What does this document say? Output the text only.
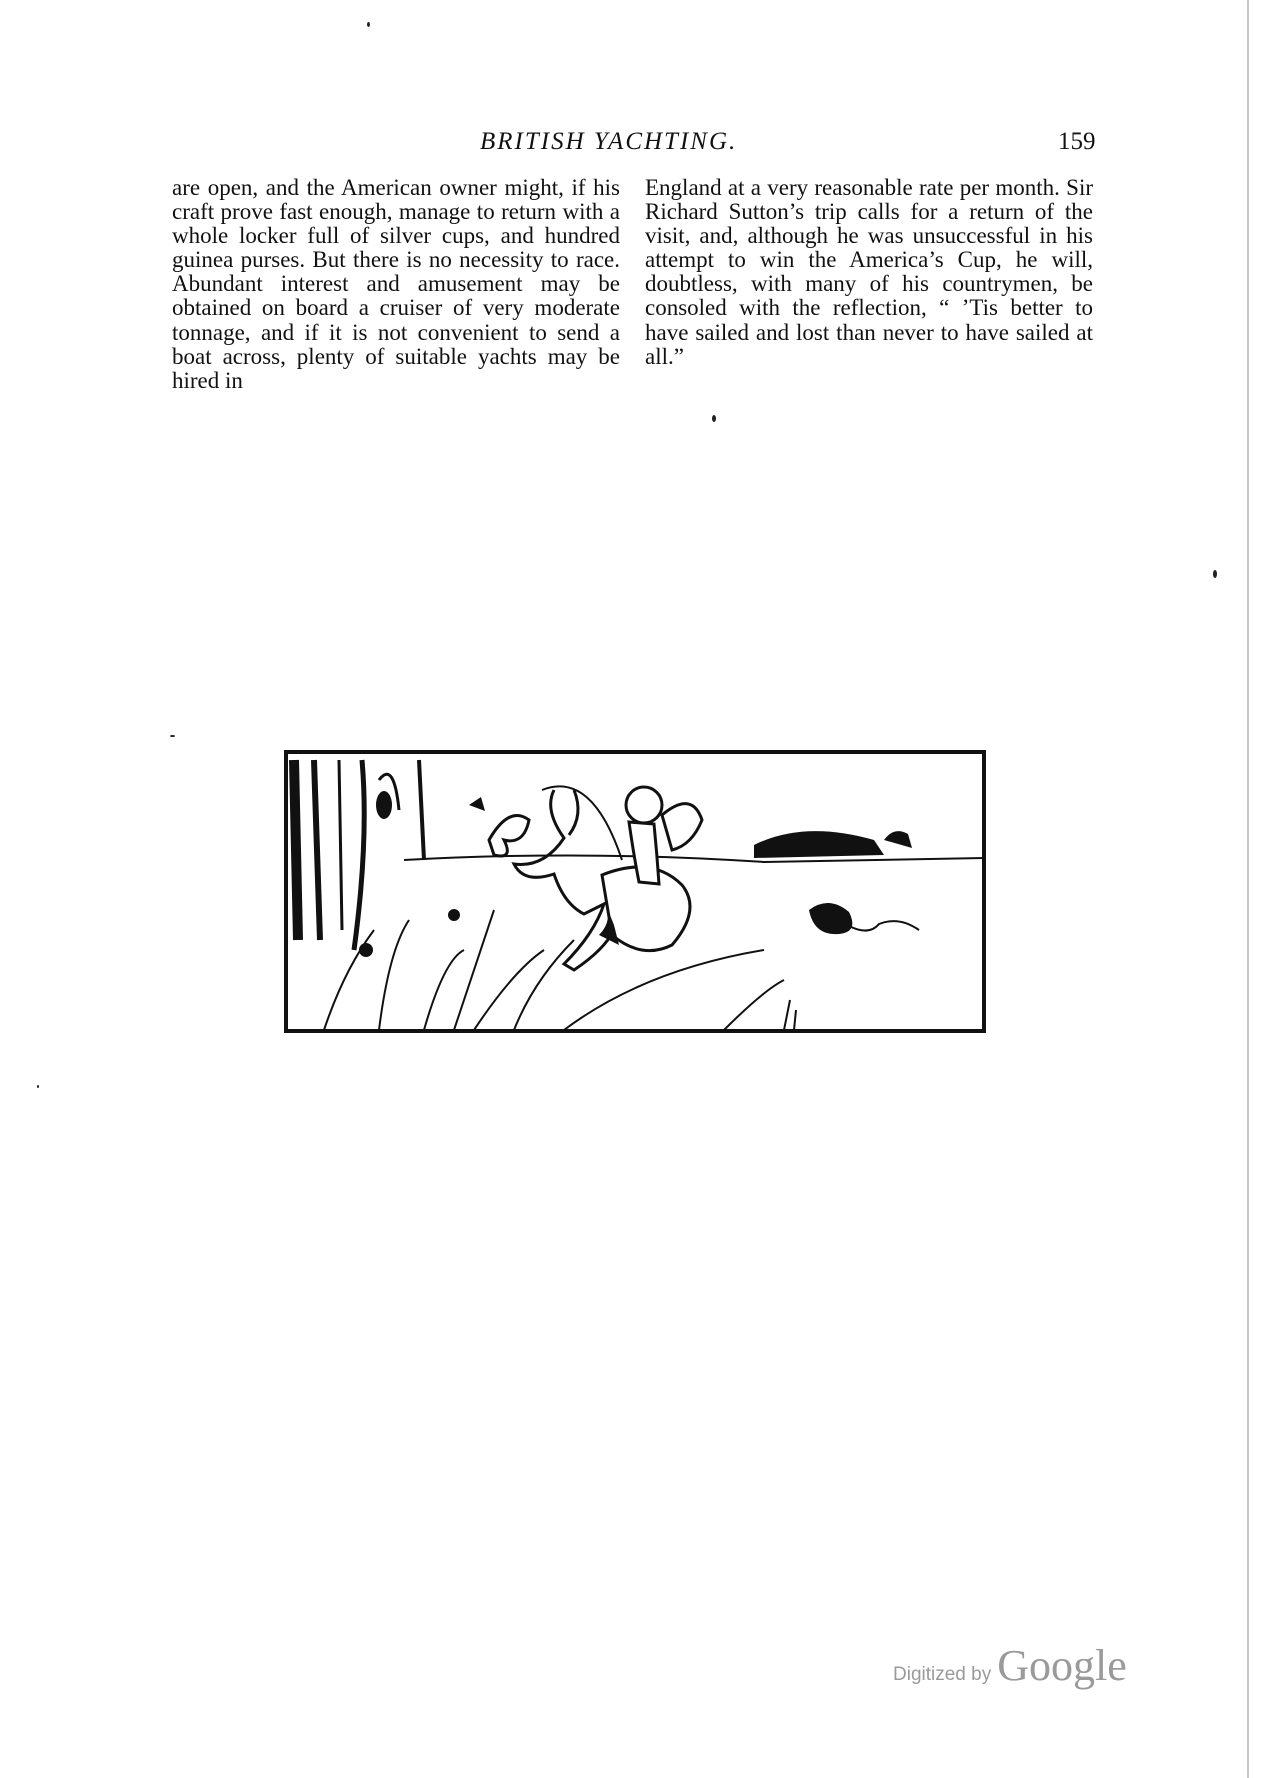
BRITISH YACHTING.	159

are open, and the American owner might, if his craft prove fast enough, manage to return with a whole locker full of silver cups, and hundred guinea purses. But there is no necessity to race. Abundant interest and amusement may be obtained on board a cruiser of very moderate tonnage, and if it is not convenient to send a boat across, plenty of suitable yachts may be hired in

England at a very reasonable rate per month. Sir Richard Sutton’s trip calls for a return of the visit, and, although he was unsuccessful in his attempt to win the America’s Cup, he will, doubtless, with many of his countrymen, be consoled with the reflection, “ ’Tis better to have sailed and lost than never to have sailed at all.”

Digitized by Google
